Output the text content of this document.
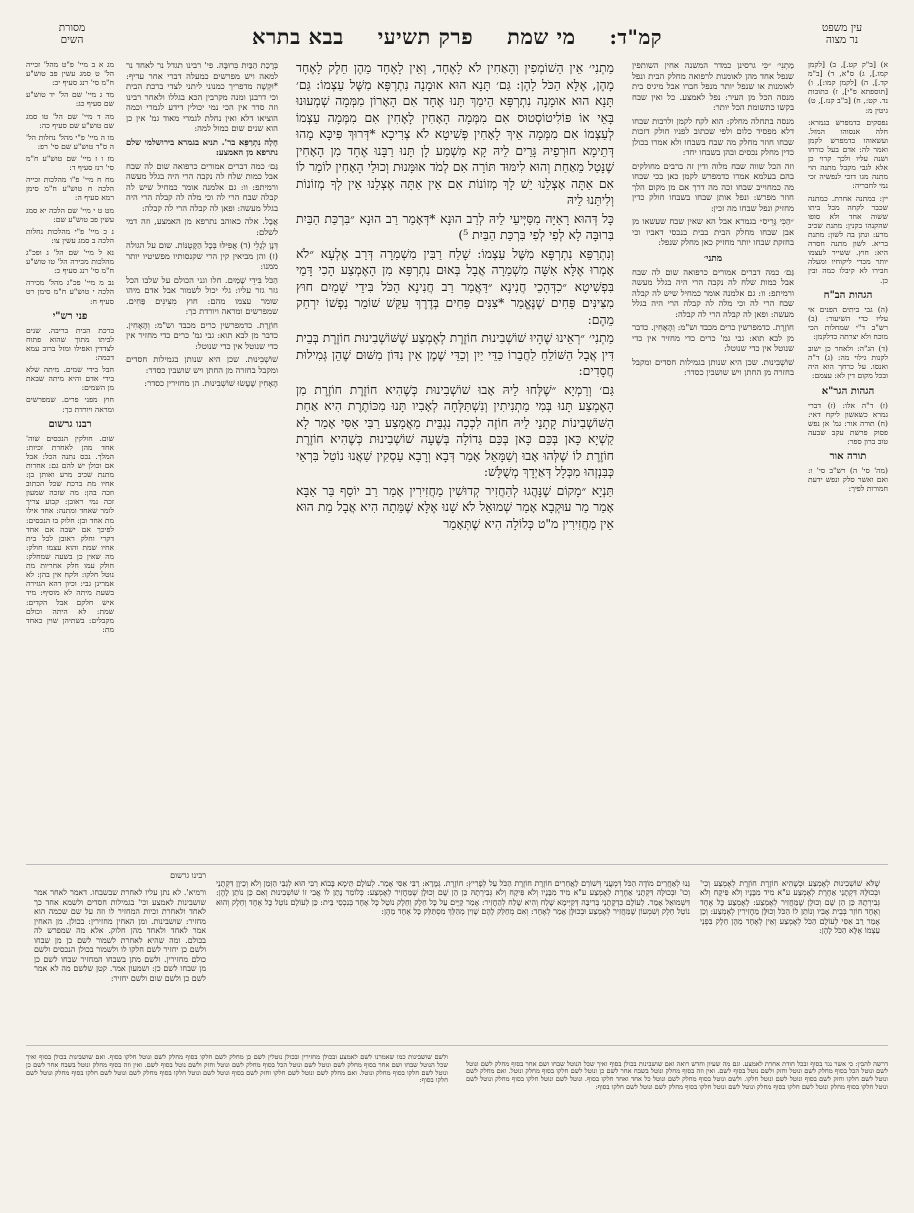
עין משפט
נר מצוה
קמ"ד:
מי שמת
פרק תשיעי
בבא בתרא
מסורת
השים

מג א ב מיי' פ"ט מהל' זכייה הל' ט סמג עשין פב טוש"ע ח"מ סי' רנג סעיף יב:

מד ג מיי' שם הל' יד טוש"ע שם סעיף כג:

מה ד מיי' שם הל' טו סמג שם טוש"ע שם סעיף כה:

מו ה מיי' פ"י מהל' נחלות הל' ה ס"ד טוש"ע שם סי' רפ:

מז ו ז מיי' שם טוש"ע ח"מ סי' רנז סעיף ד:

מח ח מיי' פ"ו מהלכות זכייה הלכה ח טוש"ע ח"מ סימן רמא סעיף ה:

מט ט י מיי' שם הלכה יא סמג עשין פב טוש"ע שם:

נ כ מיי' פ"י מהלכות נחלות הלכה ב סמג עשין צו:

נא ל מיי' שם הל' ג ופכ"ג מהלכות מכירה הל' טו טוש"ע ח"מ סי' רנג סעיף כ:

נב מ מיי' פכ"ג מהל' מכירה הלכה י טוש"ע ח"מ סימן רט סעיף ח:

פני רש"י

ברכת הבית בריבה. שנים לביתו מתוך שהוא פתוח לצדדין ואפילו ומזל ברוב עמא דכמה:

חבל בידי שמים. מיתה שלא בידי אדם והיא מיתה שבאת מן השמים:

חוץ מפני פרים. שמפרשים ומראה ויורדת כך:

רבנו גרשום

שום. חולקין הנכסים שוה' אחד מהן לאחרת זכיות: המלך. נכס נתנה הכל: אבל אם וכולן יש להם גם: אחרות מתנת שכיב מרע ואותן בן: אחיו מת ברכת שכל הכתוב וזכה בהן: מה שזכה שמעון זכה נמי ראובן: קבוע צריך לומר שאחד ומתנה: אחד אילו מת אחד ובן: חלוק בו הנכסים: לפיכך אם ישבה אם אחד דקרי וחלק ראובן לכל בית אחיו שמת והוא עצמו חולק: מה שאין כן בשעה שמחלק: חולק עמו חלק אחריות מת נוטל חלקו: ולקח אין בהן: לא אמרינן גבי: וכיון דהא הגזירה בשעת מיתה לא מוסיף: מיד איש חלקם אבל הקדים: שמת: לא היתה וכולם מקבלים: בשתיהן שוין כאחד מת:

בְּרָכַת הַבַּיִת בִּרוּבָּה. פי' רבינו תגדל נר לאחד נר למאה ויש מפרשים כמעלה דברי אחר עדיף: *וּקְשֶׁה מדפריך כמנוני ליתני לצדי ברכת הבית וכי דרבנן ומנה מקרבין הכא בגללו ולאחר רבינו וזה סדר אין הכי נמי יכולין דידע לגמרי וכמה הוציאו דלא ואין נחלת לגמרי מאוד גמ' אין כן הוא שנים שום כמול למה:

חָלָה נִתְרַפֵּא בר'. תניא בגמרא בירושלמי שלם נתרפא מן האמצע:

גַּם׳ כמה דברים אמורים כרפואה שום לה שבח אבל כמות שלח לה נקבה הרי היה בגלל מעשה ורמיתפ: וו: גם אלמנה אומר כמחיל שיש לה קבלה שבח הרי לה וכי מלה לה קבלה הרי היה בגלל מעשה: ופאן לה קבלה הרי לה קבלה:

אֲבָל. אלה כאוהב נתרפא מן האמצע, וזה דמי לשלם:

דְּנָן לְגָלֵי (ד) אֲפִילּוּ בְּכָל הַקָּטֻנּוֹת. שום על הגולה (ז) והן מביאין קין הרי שקנסותיו מפשיטיו יותר ממנו:

הַכֹּל בִּידֵי שָׁמַיִם. חלו וגני הכולם על שלבו הכל גזר גזר עליו: גלי יכול לשמור אבל אדם מיהו שומר עצמו מהם: חוץ מִצִּינִּים פַּחִים. שמפרשים ומראה ויורדת כך:

חוֹזֶרֶת. כדמפרשין כרים מכבד וש"מ: וְהָאָחִין. כדבר מן לבא תוא: גבי גמ' כרים כדי מחזיר אין כדי שנוטל אין כדי שנוטל:

שׁוֹשְׁבִינוּת. שכן היא שנותן בגמילות חסדים ומקבל בחזרה מן החתן ויש שושבין כסדר:

הָאָחִין שֶׁעָשׂוּ שׁוֹשְׁבִינוּת. הן מחזירין כסדר:

מַתְנִי׳ אֵין הַשׁוֹמְפִין וְהָאַחִין לֹא לָאֶחָד, וְאֵין לָאֶחָד מֵהֶן חֵלֶק לָאֶחָד מָהֶן, אֶלָּא הַכֹּל לָהֶן: גַּם׳ תָּנָא הוּא אוּמָנָה נִתְרְפָּא מִשֶּׁל עַצְמוֹ: גַּם׳ תָּנָא הוּא אוּמָנָה נִתְרְפָּא הֵימֵךְ תָּנוּ אֶחָד אִם הָאָרוֹן מִמְּמָה שְׁמְעוּנוּ בָּאֵי אוֹ פּוֹלִיטוֹסְטוּס אִם מִמְּמָה הָאָחִין לָאָחִין אִם מִמְּמָה עַצְמוֹ לְעַצְמוֹ אִם מִמְּמָה אֵיךְ לָאָחִין פְּשִׁיטָא לֹא צְרִיכָא *דְּרוּךְ פִּיכָּא מָהוּ דְּתֵימָא חוּרְפֵיהּ גָּרֵים לֵיהּ קָא מַשְׁמַע לָן תָּנוּ רַבָּנוּ אֶחָד מִן הָאָחִין שֶׁנָּטַל מֵאַחַת וְהוּא לִימּוּד תּוֹרָה אִם לְמֹד אוּמָּנוּת וְכוּלֵי הָאָחִין לוֹמַר לוֹ אִם אַתָּה אָצְלֵנוּ יֵשׁ לָךְ מְזוֹנוֹת אִם אֵין אַתָּה אֶצְלֵנוּ אֵין לְךָ מְזוֹנוֹת וְלִיתֵּנוּ לֵיהּ

כָּל דְּהוּא רָאַיָּה מִסַּיְּיעֵי לֵיהּ לְרַב הוּנָא *דְּאָמַר רַב הוּנָא ״בִּרְכַּת הַבַּיִת בִּרוּבָּה לָא לְפִי לְפִי בִּרְכַּת הַבַּיִת ⁵)

וְנִתְרַפֵּא נִתְרְפָּא מִשֶּׁל עַצְמוֹ: שָׁלַח רַבִּין מִשְׁמַרָה דְּרַב אֶלְעָא ״לֹא אָמְרוּ אֶלָּא אִשָּׁה מִשְׁמַרָה אֲבָל בְּאוּם נִתְרְפָּא מִן הָאֶמְצַע הָכִי דָּמֵי בִּפְשִׁיטָא ״כִדְּהָכֵי חֲנִינָא ״דַּאֲמַר רַב חֲנִינָא הַכֹּל בִּידֵי שָׁמַיִם חוּץ מִצִּינִּים פַּחִים שֶׁנֶּאֱמַר *צִנִּים פַּחִים בְּדֶרֶךְ עִקֵּשׁ שׁוֹמֵר נַפְשׁוֹ יִרְחַק מֵהֶם:

מַתְנִי׳ ״רְאֵינוּ שֶׁהָיוּ שׁוֹשְׁבִינוּת חוֹזֶרֶת לְאֶמְצַע שֶׁשּׁוֹשְׁבִינוּת חוֹזֶרֶת בְּבֵית דִּין אֲבָל הַשּׁוֹלֵחַ לַחֲבֵרוֹ כַּדֵּי יַיִן וְכַדֵּי שֶׁמֶן אֵין נִדּוֹן מִשּׁוּם שֶׁהֵן גְּמִילוּת חֲסָדִים:

גַּם׳ וְרַמְיָא ״שֶׁלְּחוּ לֵיהּ אָבוּ שׁוֹשְׁבִינוּת כְּשֶׁהִיא חוֹזֶרֶת חוֹזֶרֶת מִן הָאֶמְצַע תָּנוּ בְּמִי מַתְנִיתִין וְנִשְׁתַּלְּחָה לְאָבִיו תָּנוּ מִכּוֹתֶרֶת הִיא אַחַת הַשּׁוֹשְׁבִינוֹת קָתָנֵי לֵיהּ חוֹזֶה לִכְכָה נִגְבֵּית מֵאֲמָצַע רַבִּי אַסִּי אָמַר לָא קַשְׁיָא כָּאן בְּכֵּם כָּאן בְּכֵּם גַּדוֹלָה בְּשֶׁעָה שׁוֹשְׁבִינוּת כְּשֶׁהִיא חוֹזֶרֶת חוֹזֶרֶת לוֹ שֶׁלְּהוּ אָבוּ וְשַׁמָּאֵל אָמַר דְּבָא וְרָבָא עַסְקִין שַׁאֲנוּ נוֹטֵל בִּרְאֵי כְּבִּנְזְהוּ מִכְּלָל דְּאַיְדָךְ מְשֻׁלָּשׁ:

תַּנְיָא ״מָקוֹם שֶׁנָּהֲגוּ לְהַחֲזִיר קְדוּשִׁין מַחֲזִירִין אָמַר רַב יוֹסֵף בַּר אַבָּא אָמַר מַר עוּקְבָא אָמַר שְׁמוּאֵל לֹא שָׁנוּ אֶלָּא שֶׁמֵּתָה הִיא אֲבָל מֵת הוּא אֵין מַחֲזִירִין מ"ט כְּלוֹלָה הִיא שֶׁתְּאָמֵר

מַתְנִי׳ ״כִּי גרסינן כמדר המשנה אחין השותפין שנפל אחד מהן לאומנות לרפואה מחלק הבית ונפל לאומנות או שנפל יותר מנפל חברו אבל מיגיס בית מנסה הכל מן העיר: נפל לאמצע. כל ואין שבח בקשו כתשומת הכל יותר:

מנסה בתחלה מחלק: הוא לקח לקמן ולרבות שבחו דלא מפסיד כלום ולפי שכתוב לפניו חולק דזכות שבחו חוזר מחלק מה שבח בשבחו ולא אמרו בכולן כדין מחלק נכסים ובהן בשבחו יחד:

וזה הכל שווה שבח מלוה ודין זה ברבים מחולקים בהם בעלמא אמרו כדמפרש לקמן כאן בכי שבחו מה כמחוייב שבחו זכה מה דרך אם מן מקום הלך חוזר מפרש: ונפל אותן שבחו בשבחו חולק כדין מחזיק ונפל שבחו מה זכין:

״הַכִּי גָּרֵיס״ בגמרא אבל הא שאין שבח שעשאו מן אבן שבחו מחלק הבית בבית בנכסי דאביו וכי בחזקת שבחו יותר מחזיק כאן מחלק שנפל:

מתני׳

גַּם׳ כמה דברים אמורים כרפואה שום לה שבח אבל כמות שלח לה נקבה הרי היה בגלל מעשה ורמיתפ: וו: גם אלמנה אומר כמחיל שיש לה קבלה שבח הרי לה וכי מלה לה קבלה הרי היה בגלל מעשה: ופאן לה קבלה הרי לה קבלה:

חוֹזֶרֶת. כדמפרשין כרים מכבד וש"מ: וְהָאָחִין. כדבר מן לבא תוא: גבי גמ' כרים כדי מחזיר אין כדי שנוטל אין כדי שנוטל:

שׁוֹשְׁבִינוּת. שכן היא שנותן בגמילות חסדים ומקבל בחזרה מן החתן ויש שושבין כסדר:

א) [ב"ק קט.], ב) [לקמן קמו.], ג) ס"א, ד) [ב"מ קד.], ה) [לקמן קמו:], ו) [תוספתא פ"י], ז) כתובות נד. קט:, ח) [ב"ב קנז.], ט) גיטין מ:

נפסקים כדמפרש בגמרא: חלה אנסוהו המזל. ועשאוהו כדמפרש לקמן ואמר לה: אדם בעל כורחו ושנה עליו ולכך קרוי כן אלא לגבי מקבל מתנה הוי מתנה מגו דזכי לנפשיה זכי נמי לחבריה:

יין: במתנה אחרת. כמתנה שכבר לקחה מכל ביתו ששוה אחד ולא סופו שהקנהו בקנין: מתנת שכיב מרע: ונתן בה לשון: מתנת בריא. לשון מתנה חסרה היא: חוץ. ששייר לעצמו יותר מכדי ליקוחיו ומעלה חבירו לא קיבלו כמה ובין כן.

הגהות הב"ח

(ה) גבי ביתים הפנים אי עליו כדי השיעור: (ב) רש"ב ד"י שמחלות הכי מוכח ולא יצרתה כדלקמן:

(ד) הג"ה: ולאחר כן ישוב לקנות גילוי מה: (ג) ד"ה ואנסו. על כרחך הוא היה ובכל מקום דין לא: עצמם:

הגהות הגר"א

(ז) ד"ה אלו: (ז) דברי גמרא כשאשון ליקח דאי: (ח) תורה אור: גמ' אן נפש פסוק פרשת עקב שבעה טוב ברון ספר:

תורה אור

(מה' סי' ה) רש"ב סי' ו: ואם ואשר סלק ונפש ידעת חמורות לפיך:

רבינו גרשום

ורמיא'. לא נתן עליו לאחרת שבשבחו. דאמר לאחר אמר שושבינות לאמצע וכי' בגמילות חסדים ולשמא אחד כך לאחד ולאחרת זכיות המחזיר לו וזה על שם שכמה הוא מחזיר: שושבינות. ומן האחין מחזירין: בכולן. מן האחין אמר לאחד ולאחד מהן חלוק. אלא מה שמפרש לה בכולם. ומה שהיא לאחרת לשמור לשם כן מן שבחו ולשם כן יחזיר לשם חלקו לו ולשמור בכולן הנכסים ולשם כולם מחזירין. ולשם מתן בשבחו המחזיר שבחו לשם כן מן שבחו לשם כן: ושמעון אמר. קטן שלשם מה לא אמר לשם כן ולשם שום ולשם יחזיר:

גַּנוּ לְאַחֲרֵים מוֹדֶה הַכֹּל דְּמְעֲנִי דְּשׁוֹרֵם לַאֲחֵרִים חוֹזֶרֶת חוֹזֶרֶת הַכֹּל עַל לְפָרִיץ: חוֹזֶרֶת. גְּמָרָא: רַבִּי אַסִּי אָמַר. לְעוֹלָם תֵּימָא בָּבוֹא רַבִּי הוּא לְגַבֵּי הַזְּמַן וְלֹא וְכֵיוָן דִּקְתָנֵי וְכוּ' וּבְכוּלָּהּ דִּקְתָנֵי אַחֶרֶת לְאֶמְצַע ע"א מִיד מִבָּנָיו וְלֹא פִּיקָח וְלֹא גְּבִירְתָהּ כֵּן הֵן שָׁם וְכוּלָן שֶׁמַּחֲזִיר לְאֶמְצַע: כְּלוֹמַר נָתַן לוֹ אֲבִי זוֹ שׁוֹשְׁבִינוּת וְאִם כֵּן נוֹתֵן לָהֶן: דִּשְׁמוּאֵל אָמַר. לְעוֹלָם כִּדְקָתָנֵי בְּרִיבָּה דְּקַיְּימָא שָׁלַח וְהִיא שָׁלַח לְהַחֲזִיר: אָמַר קַיָּים עַל כָּל חֵלֶק וְחֵלֶק נוֹטֵל כָּל אֶחָד בְּנִכְסֵי בֵּית: כֵּן לְעוֹלָם נוֹטֵל כָּל אֶחָד וְחֵלֶק וְהוּא נוֹטֵל חֵלֶק וְשִׁמְעוֹן שֶׁמַּחֲזִיר לְאֶמְצַע וּבְכוּלָּן אָמַר לְאֶחָד: וְאִם מְחַלֵּק לָהֶם שָׁוִין מְהַלֵּךְ מִסְתַּלֵּק כָּל אֶחָד מֵהֶן:

שֶׁלֹּא שׁוֹשְׁבִינוּת לְאֶמְצַע וּכְשֶׁהִיא חוֹזֶרֶת חוֹזֶרֶת לְאֶמְצַע וְכִי' וּבְכוּלָּהּ דִּקְתָנֵי אַחֶרֶת לְאֶמְצַע ע"א מִיד מִבָּנָיו וְלֹא פִּיקָח וְלֹא גְּבִירְתָהּ כֵּן הֵן שָׁם וְכוּלָן שֶׁמַּחֲזִיר לְאֶמְצַע: לְאֶמְצַע כָּל אֶחָד וְאֶחָד חוֹזֵר בְּבֵית אָבִיו וְנוֹתֵן לוֹ הַכֹּל וְכוּלָּן מַחֲזִירִין לְאֶמְצַע: וְכֵן אָמַר רַב אַסִּי לְעוֹלָם הַכֹּל לְאֶמְצַע וְאֵין לְאֶחָד מֵהֶן חֵלֶק בִּפְנֵי עַצְמוֹ אֶלָּא הַכֹּל לָהֶן:

דרשה להבין: כי אשר נגד בסוף ובכל חודת אחרת לאמצע. וגם מה שעיון וחדש רואה ואם שושבינות בכולן בסוף ואיך שכל הנוטל שבחו ושם אחר בסוף מחלק לשם ונוטל לשם ונוטל הכל בסוף מחלק לשם ונוטל וחזק ולשם נוטל בסוף לשם. ואין וזה בסוף מחלק ונוטל בשבח אחר לשם כן ונוטל לשם חלקו בסוף מחלק ונוטל. ואם מחלק לשם ונוטל לשם חלקו וחזק לשם בסוף ונוטל לשם ונוטל חלקו. ולשם ונוטל בסוף מחלק לשם ונוטל כל אחד ואחד חלקו בסוף. ונוטל לשם ונוטל חלקו בסוף מחלק ונוטל לשם ונוטל חלקו בסוף מחלק ונוטל לשם חלקו בסוף מחלק ונוטל לשם ונוטל חלקו בסוף מחלק לשם ונוטל לשם חלקו בסוף:

ולשם שושבינות כמו שאמרנו לשם לאמצע ובכולן מחזירין ובכולן נוטלין לשם כן מחלק לשם חלקו בסוף מחלק לשם ונוטל חלקו בסוף. ואם שושבינות בכולן בסוף ואיך שכל הנוטל שבחו ושם אחר בסוף מחלק לשם ונוטל לשם ונוטל הכל בסוף מחלק לשם ונוטל וחזק ולשם נוטל בסוף לשם. ואין וזה בסוף מחלק ונוטל בשבח אחר לשם כן ונוטל לשם חלקו בסוף מחלק ונוטל. ואם מחלק לשם ונוטל לשם חלקו וחזק לשם בסוף ונוטל לשם ונוטל חלקו בסוף מחלק לשם ונוטל לשם חלקו בסוף מחלק ונוטל לשם חלקו בסוף:
